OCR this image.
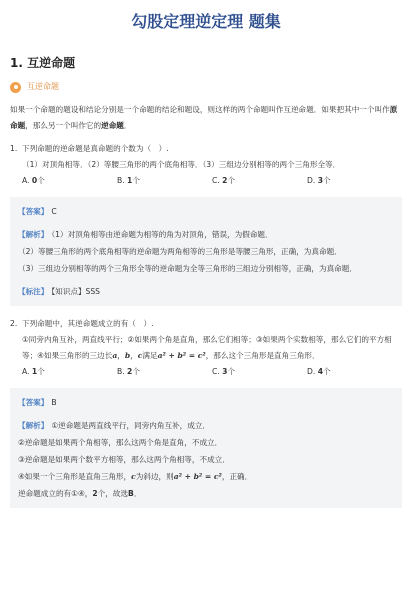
勾股定理逆定理 题集
1. 互逆命题
互逆命题
如果一个命题的题设和结论分别是一个命题的结论和题设，则这样的两个命题叫作互逆命题．如果把其中一个叫作原命题，那么另一个叫作它的逆命题．
1. 下列命题的逆命题是真命题的个数为（　）.
（1）对顶角相等．（2）等腰三角形的两个底角相等．（3）三组边分别相等的两个三角形全等．
A. 0个	B. 1个	C. 2个	D. 3个
【答案】 C
【解析】 （1）对顶角相等由逆命题为相等的角为对顶角，错误，为假命题．
（2）等腰三角形的两个底角相等的逆命题为两角相等的三角形是等腰三角形，正确，为真命题．
（3）三组边分别相等的两个三角形全等的逆命题为全等三角形的三组边分别相等，正确，为真命题．
【标注】 【知识点】SSS
2. 下列命题中，其逆命题成立的有（　）.
①同旁内角互补，两直线平行；②如果两个角是直角，那么它们相等；③如果两个实数相等，那么它们的平方相等；④如果三角形的三边长a，b，c满足a² + b² = c²，那么这个三角形是直角三角形．
A. 1个	B. 2个	C. 3个	D. 4个
【答案】 B
【解析】 ①逆命题是两直线平行，同旁内角互补，成立．
②逆命题是如果两个角相等，那么这两个角是直角，不成立．
③逆命题是如果两个数平方相等，那么这两个角相等，不成立．
④如果一个三角形是直角三角形，c为斜边，则a² + b² = c²，正确．
逆命题成立的有①④，2个，故选B．
